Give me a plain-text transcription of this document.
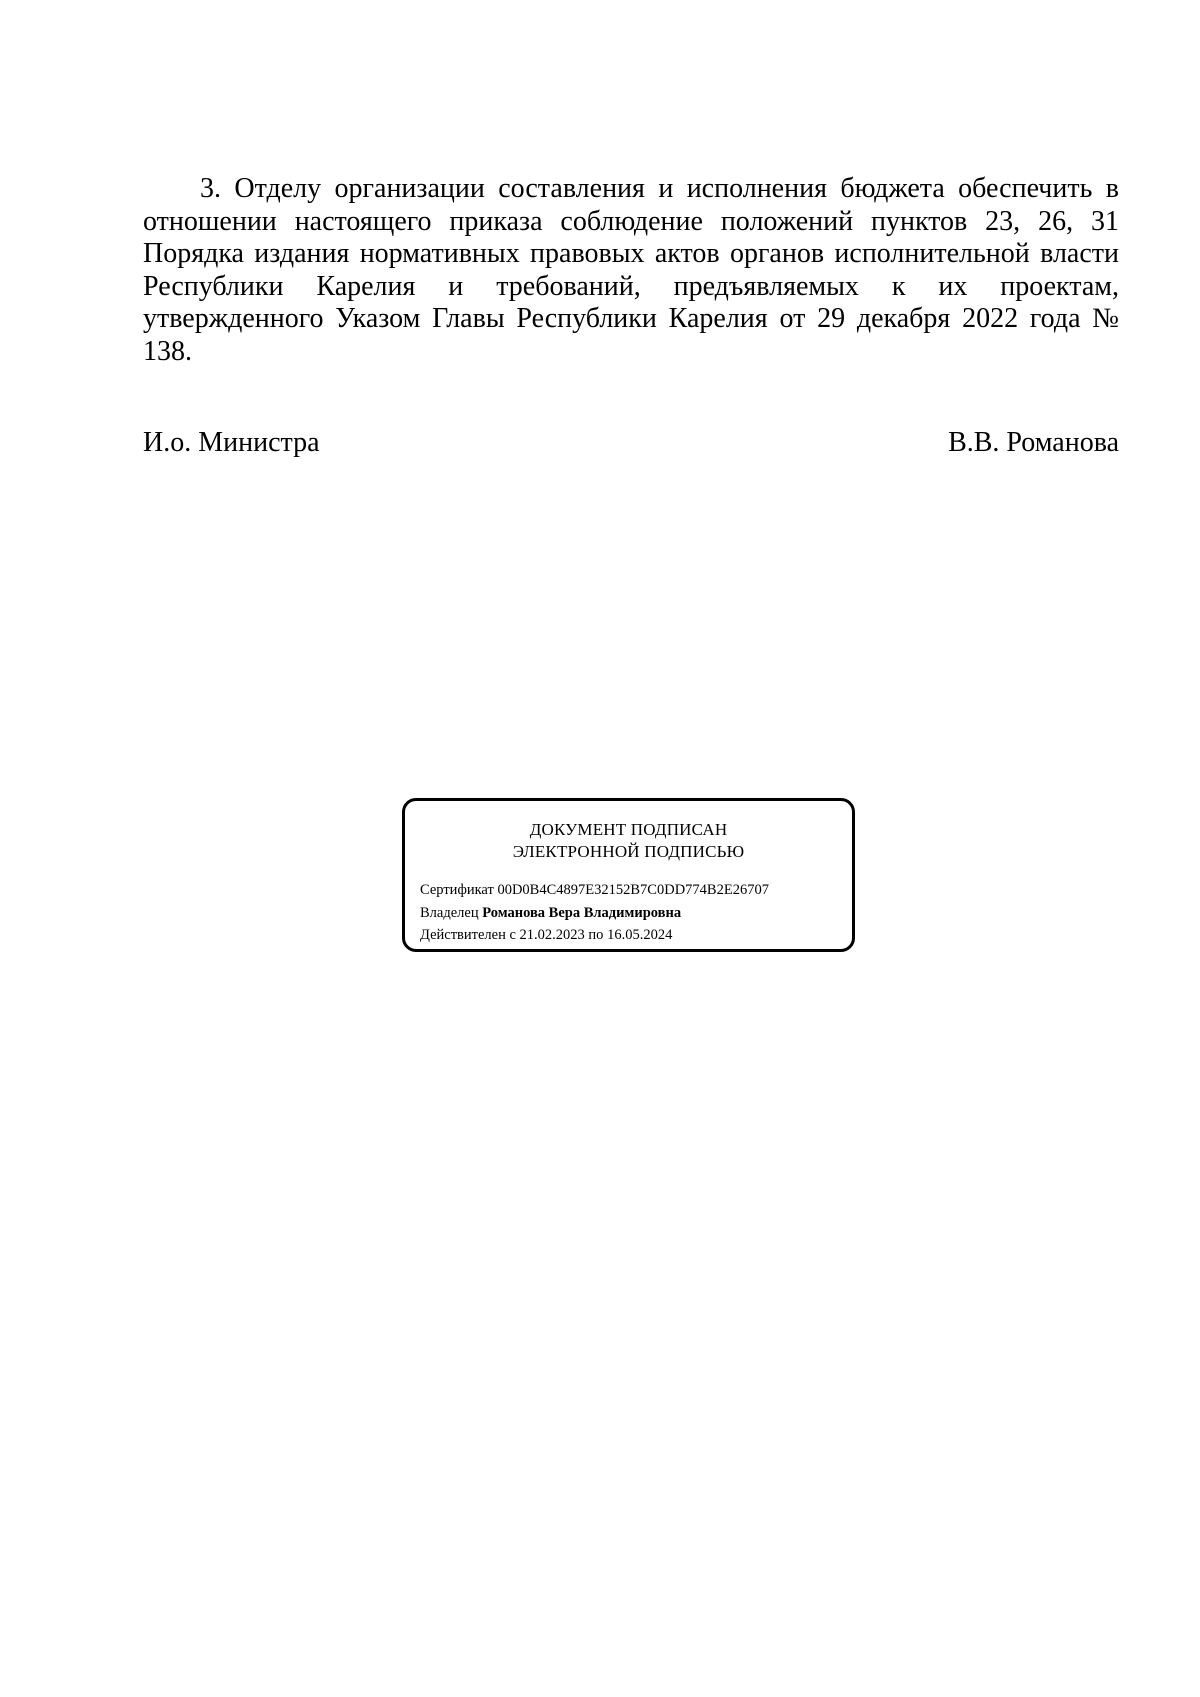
3. Отделу организации составления и исполнения бюджета обеспечить в отношении настоящего приказа соблюдение положений пунктов 23, 26, 31 Порядка издания нормативных правовых актов органов исполнительной власти Республики Карелия и требований, предъявляемых к их проектам, утвержденного Указом Главы Республики Карелия от 29 декабря 2022 года № 138.

И.о. Министра	В.В. Романова
ДОКУМЕНТ ПОДПИСАН
ЭЛЕКТРОННОЙ ПОДПИСЬЮ
Сертификат 00D0B4C4897E32152B7C0DD774B2E26707
Владелец Романова Вера Владимировна
Действителен с 21.02.2023 по 16.05.2024
